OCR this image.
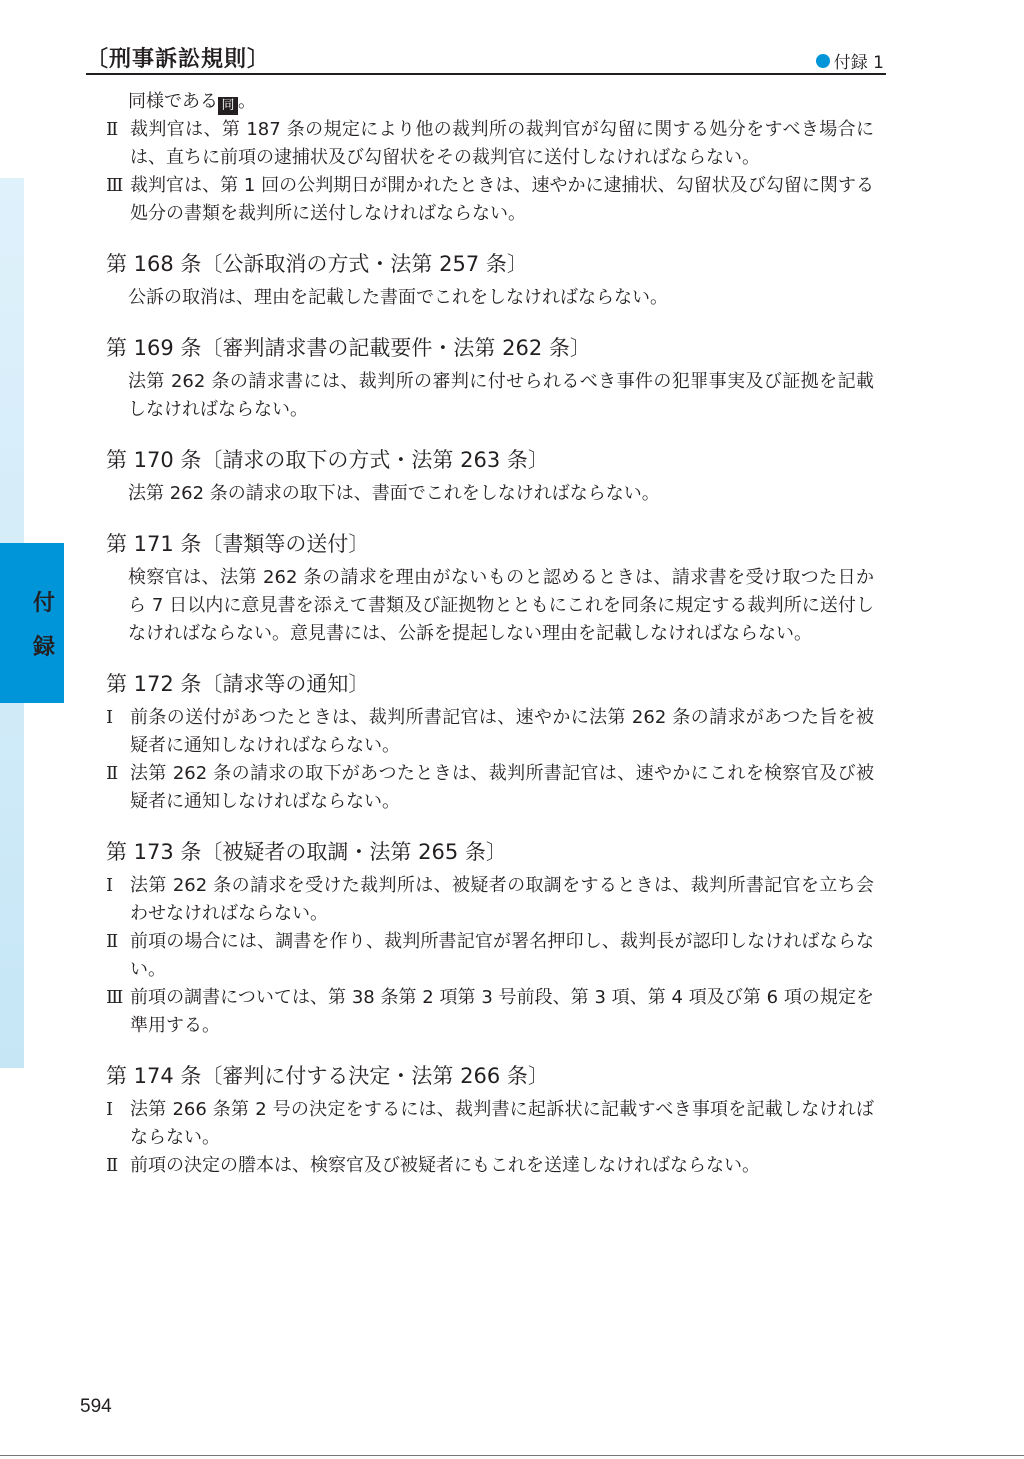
〔刑事訴訟規則〕	付録 1
付
録

同様である 同 。

Ⅱ 裁判官は、第 187 条の規定により他の裁判所の裁判官が勾留に関する処分をすべき場合には、直ちに前項の逮捕状及び勾留状をその裁判官に送付しなければならない。
Ⅲ 裁判官は、第 1 回の公判期日が開かれたときは、速やかに逮捕状、勾留状及び勾留に関する処分の書類を裁判所に送付しなければならない。
第 168 条〔公訴取消の方式・法第 257 条〕

公訴の取消は、理由を記載した書面でこれをしなければならない。

第 169 条〔審判請求書の記載要件・法第 262 条〕

法第 262 条の請求書には、裁判所の審判に付せられるべき事件の犯罪事実及び証拠を記載しなければならない。

第 170 条〔請求の取下の方式・法第 263 条〕

法第 262 条の請求の取下は、書面でこれをしなければならない。

第 171 条〔書類等の送付〕

検察官は、法第 262 条の請求を理由がないものと認めるときは、請求書を受け取つた日から 7 日以内に意見書を添えて書類及び証拠物とともにこれを同条に規定する裁判所に送付しなければならない。意見書には、公訴を提起しない理由を記載しなければならない。

第 172 条〔請求等の通知〕
Ⅰ 前条の送付があつたときは、裁判所書記官は、速やかに法第 262 条の請求があつた旨を被疑者に通知しなければならない。
Ⅱ 法第 262 条の請求の取下があつたときは、裁判所書記官は、速やかにこれを検察官及び被疑者に通知しなければならない。
第 173 条〔被疑者の取調・法第 265 条〕
Ⅰ 法第 262 条の請求を受けた裁判所は、被疑者の取調をするときは、裁判所書記官を立ち会わせなければならない。
Ⅱ 前項の場合には、調書を作り、裁判所書記官が署名押印し、裁判長が認印しなければならない。
Ⅲ 前項の調書については、第 38 条第 2 項第 3 号前段、第 3 項、第 4 項及び第 6 項の規定を準用する。
第 174 条〔審判に付する決定・法第 266 条〕
Ⅰ 法第 266 条第 2 号の決定をするには、裁判書に起訴状に記載すべき事項を記載しなければならない。
Ⅱ 前項の決定の謄本は、検察官及び被疑者にもこれを送達しなければならない。
594
